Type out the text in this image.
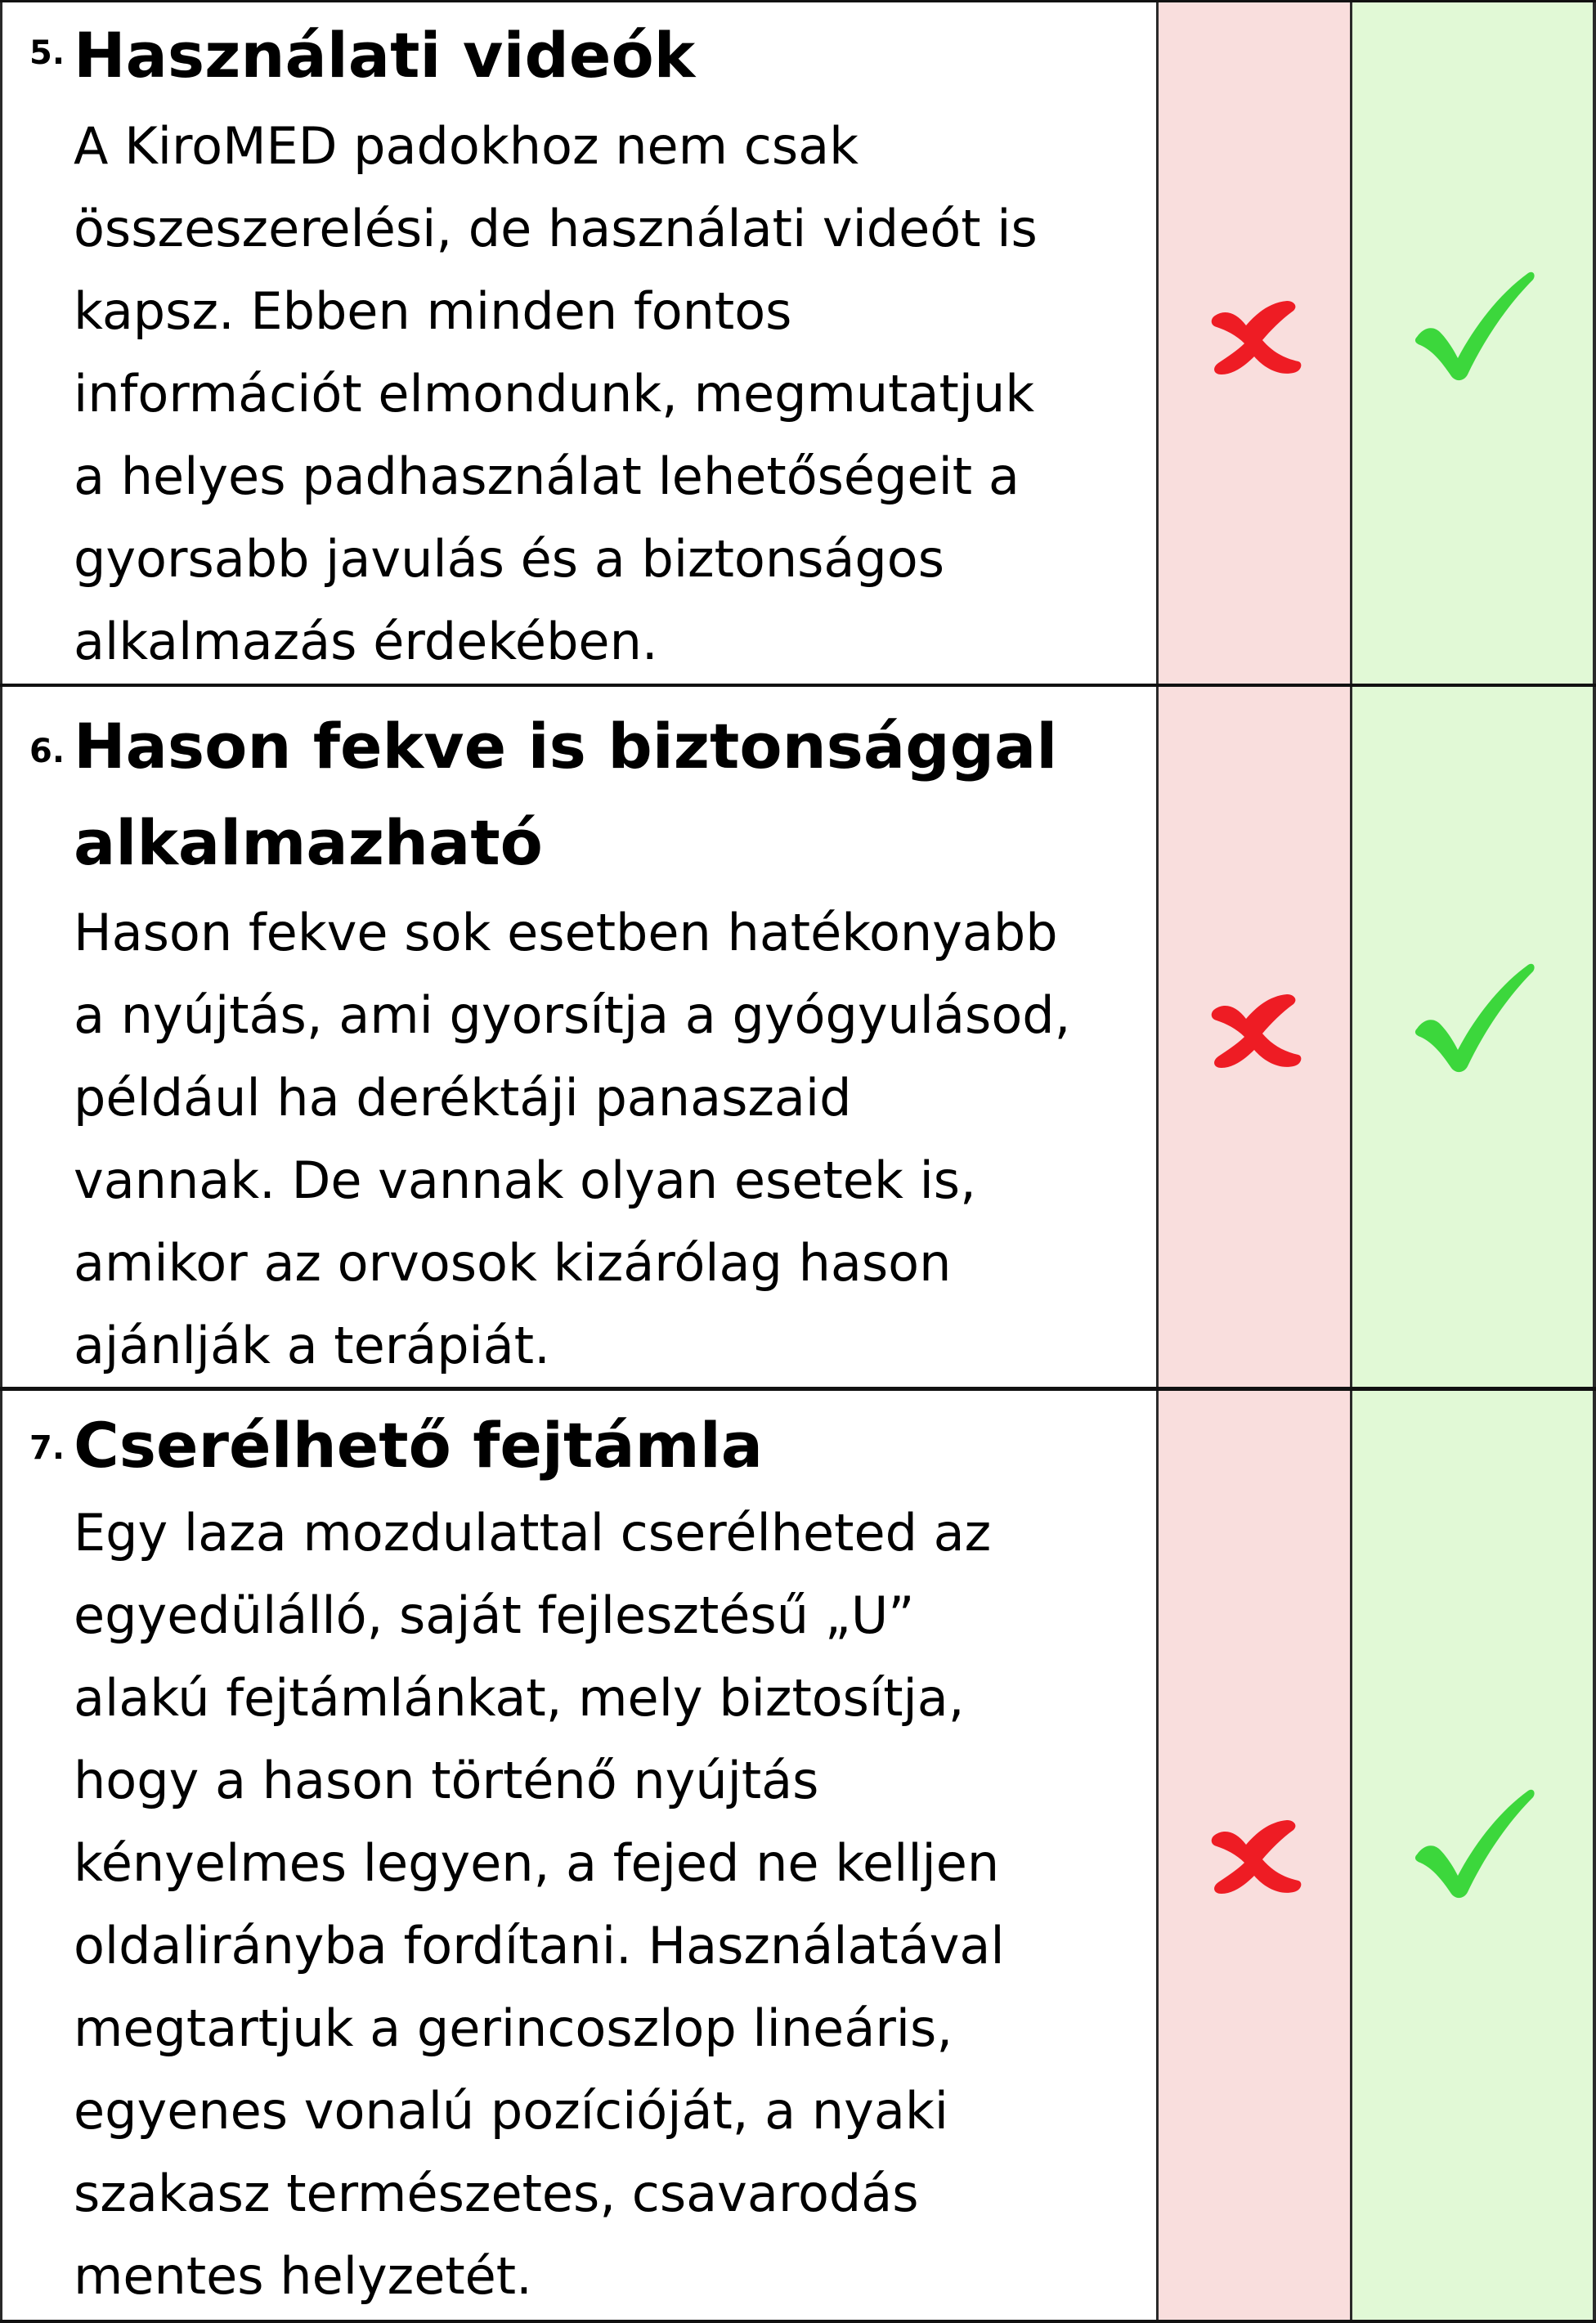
5. Használati videók
A KiroMED padokhoz nem csak
összeszerelési, de használati videót is
kapsz. Ebben minden fontos
információt elmondunk, megmutatjuk
a helyes padhasználat lehetőségeit a
gyorsabb javulás és a biztonságos
alkalmazás érdekében.
6. Hason fekve is biztonsággal
alkalmazható
Hason fekve sok esetben hatékonyabb
a nyújtás, ami gyorsítja a gyógyulásod,
például ha deréktáji panaszaid
vannak. De vannak olyan esetek is,
amikor az orvosok kizárólag hason
ajánlják a terápiát.
7. Cserélhető fejtámla
Egy laza mozdulattal cserélheted az
egyedülálló, saját fejlesztésű „U”
alakú fejtámlánkat, mely biztosítja,
hogy a hason történő nyújtás
kényelmes legyen, a fejed ne kelljen
oldalirányba fordítani. Használatával
megtartjuk a gerincoszlop lineáris,
egyenes vonalú pozícióját, a nyaki
szakasz természetes, csavarodás
mentes helyzetét.
